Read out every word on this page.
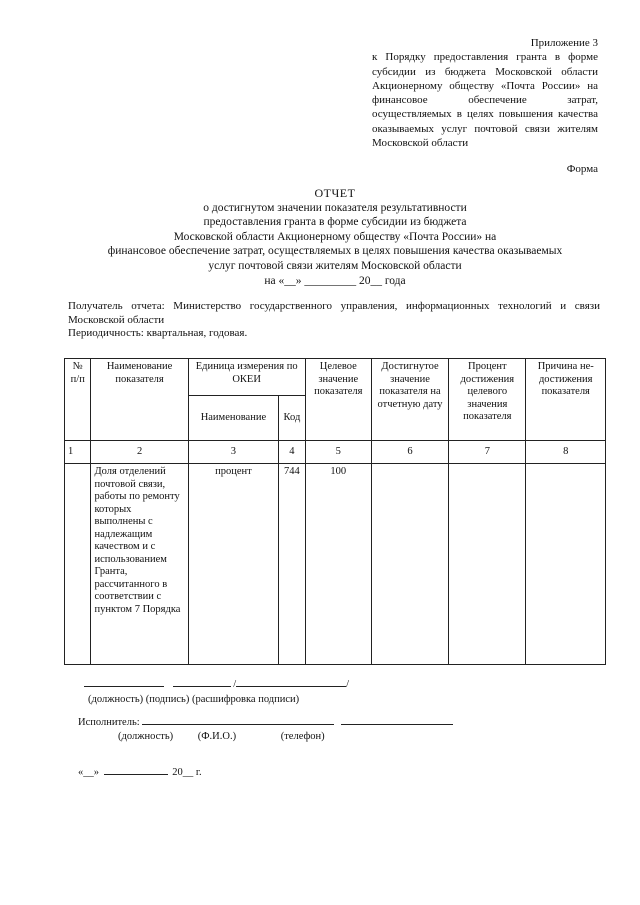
Приложение 3
к Порядку предоставления гранта в форме субсидии из бюджета Московской области Акционерному обществу «Почта России» на финансовое обеспечение затрат, осуществляемых в целях повышения качества оказываемых услуг почтовой связи жителям Московской области
Форма
ОТЧЕТ
о достигнутом значении показателя результативности
предоставления гранта в форме субсидии из бюджета
Московской области Акционерному обществу «Почта России» на
финансовое обеспечение затрат, осуществляемых в целях повышения качества оказываемых
услуг почтовой связи жителям Московской области
на «__» _________ 20__ года
Получатель отчета: Министерство государственного управления, информационных технологий и связи Московской области
Периодичность: квартальная, годовая.
№ п/п	Наименование показателя	Единица измерения по ОКЕИ		Целевое значение показателя	Достигнутое значение показателя на отчетную дату	Процент достижения целевого значения показателя	Причина не-достижения показателя
		Наименование	Код				
1	2	3	4	5	6	7	8
	Доля отделений почтовой связи, работы по ремонту которых выполнены с надлежащим качеством и с использованием Гранта, рассчитанного в соответствии с пунктом 7 Порядка	процент	744	100			
/	/
(должность) (подпись) (расшифровка подписи)
Исполнитель:
(должность) (Ф.И.О.)	(телефон)
«__»	20__ г.
